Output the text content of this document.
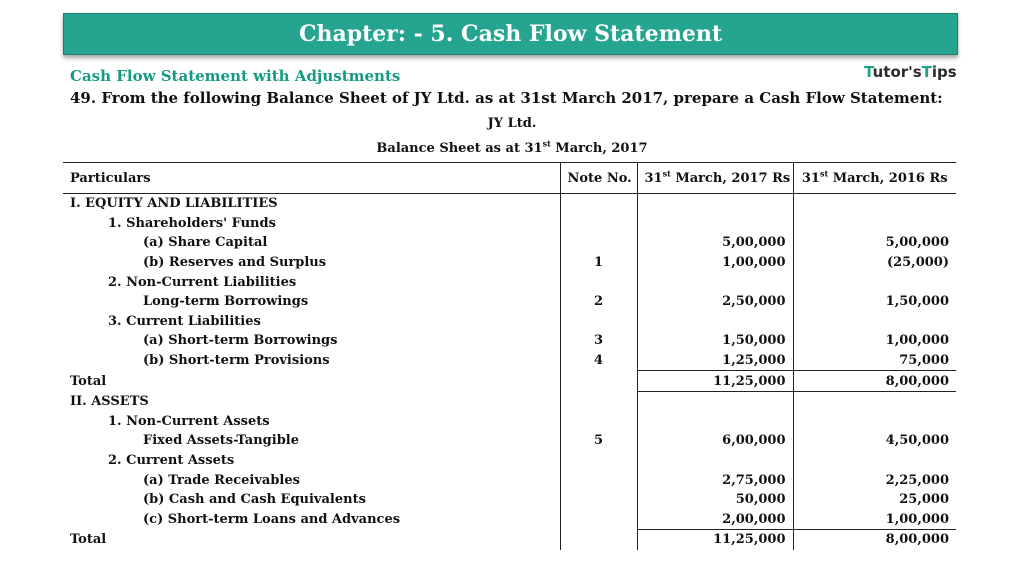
Chapter: - 5. Cash Flow Statement
Cash Flow Statement with Adjustments	Tutor'sTips
49. From the following Balance Sheet of JY Ltd. as at 31st March 2017, prepare a Cash Flow Statement:
JY Ltd.
Balance Sheet as at 31st March, 2017
Particulars	Note No.	31st March, 2017 Rs	31st March, 2016 Rs
I. EQUITY AND LIABILITIES			
1. Shareholders' Funds			
(a) Share Capital		5,00,000	5,00,000
(b) Reserves and Surplus	1	1,00,000	(25,000)
2. Non-Current Liabilities			
Long-term Borrowings	2	2,50,000	1,50,000
3. Current Liabilities			
(a) Short-term Borrowings	3	1,50,000	1,00,000
(b) Short-term Provisions	4	1,25,000	75,000
Total		11,25,000	8,00,000
II. ASSETS			
1. Non-Current Assets			
Fixed Assets-Tangible	5	6,00,000	4,50,000
2. Current Assets			
(a) Trade Receivables		2,75,000	2,25,000
(b) Cash and Cash Equivalents		50,000	25,000
(c) Short-term Loans and Advances		2,00,000	1,00,000
Total		11,25,000	8,00,000
